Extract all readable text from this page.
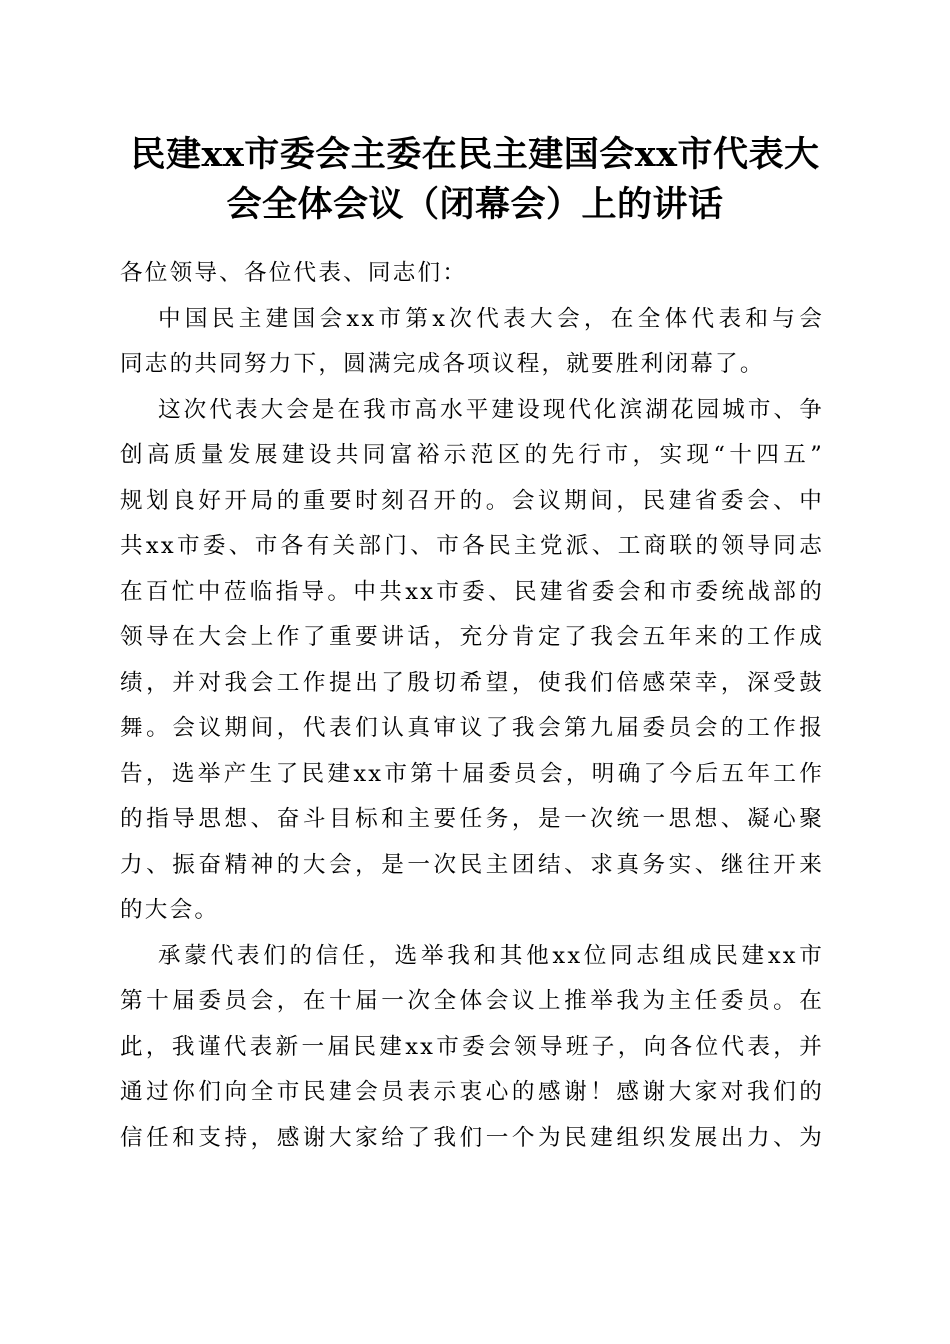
民建xx市委会主委在民主建国会xx市代表大
会全体会议（闭幕会）上的讲话

各位领导、各位代表、同志们：

中国民主建国会xx市第x次代表大会，在全体代表和与会
同志的共同努力下，圆满完成各项议程，就要胜利闭幕了。

这次代表大会是在我市高水平建设现代化滨湖花园城市、争
创高质量发展建设共同富裕示范区的先行市，实现“十四五”
规划良好开局的重要时刻召开的。会议期间，民建省委会、中
共xx市委、市各有关部门、市各民主党派、工商联的领导同志
在百忙中莅临指导。中共xx市委、民建省委会和市委统战部的
领导在大会上作了重要讲话，充分肯定了我会五年来的工作成
绩，并对我会工作提出了殷切希望，使我们倍感荣幸，深受鼓
舞。会议期间，代表们认真审议了我会第九届委员会的工作报
告，选举产生了民建xx市第十届委员会，明确了今后五年工作
的指导思想、奋斗目标和主要任务，是一次统一思想、凝心聚
力、振奋精神的大会，是一次民主团结、求真务实、继往开来
的大会。

承蒙代表们的信任，选举我和其他xx位同志组成民建xx市
第十届委员会，在十届一次全体会议上推举我为主任委员。在
此，我谨代表新一届民建xx市委会领导班子，向各位代表，并
通过你们向全市民建会员表示衷心的感谢！感谢大家对我们的
信任和支持，感谢大家给了我们一个为民建组织发展出力、为
